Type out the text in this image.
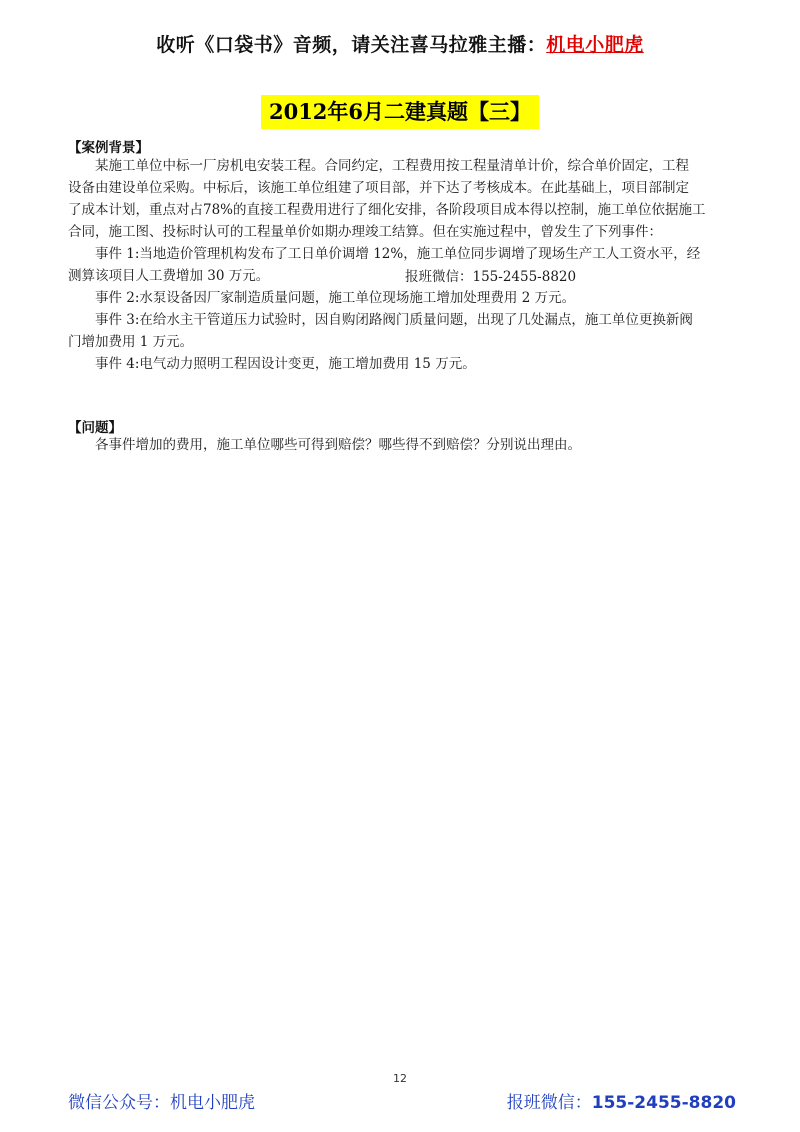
收听《口袋书》音频，请关注喜马拉雅主播：机电小肥虎
2012年6月二建真题【三】
【案例背景】
某施工单位中标一厂房机电安装工程。合同约定，工程费用按工程量清单计价，综合单价固定，工程
设备由建设单位采购。中标后，该施工单位组建了项目部，并下达了考核成本。在此基础上，项目部制定
了成本计划，重点对占78%的直接工程费用进行了细化安排，各阶段项目成本得以控制，施工单位依据施工
合同，施工图、投标时认可的工程量单价如期办理竣工结算。但在实施过程中，曾发生了下列事件：
事件 1:当地造价管理机构发布了工日单价调增 12%，施工单位同步调增了现场生产工人工资水平，经
测算该项目人工费增加 30 万元。
事件 2:水泵设备因厂家制造质量问题，施工单位现场施工增加处理费用 2 万元。
事件 3:在给水主干管道压力试验时，因自购闭路阀门质量问题，出现了几处漏点，施工单位更换新阀
门增加费用 1 万元。
事件 4:电气动力照明工程因设计变更，施工增加费用 15 万元。
报班微信：155-2455-8820
【问题】
各事件增加的费用，施工单位哪些可得到赔偿？哪些得不到赔偿？分别说出理由。
12
微信公众号：机电小肥虎	报班微信：155-2455-8820
